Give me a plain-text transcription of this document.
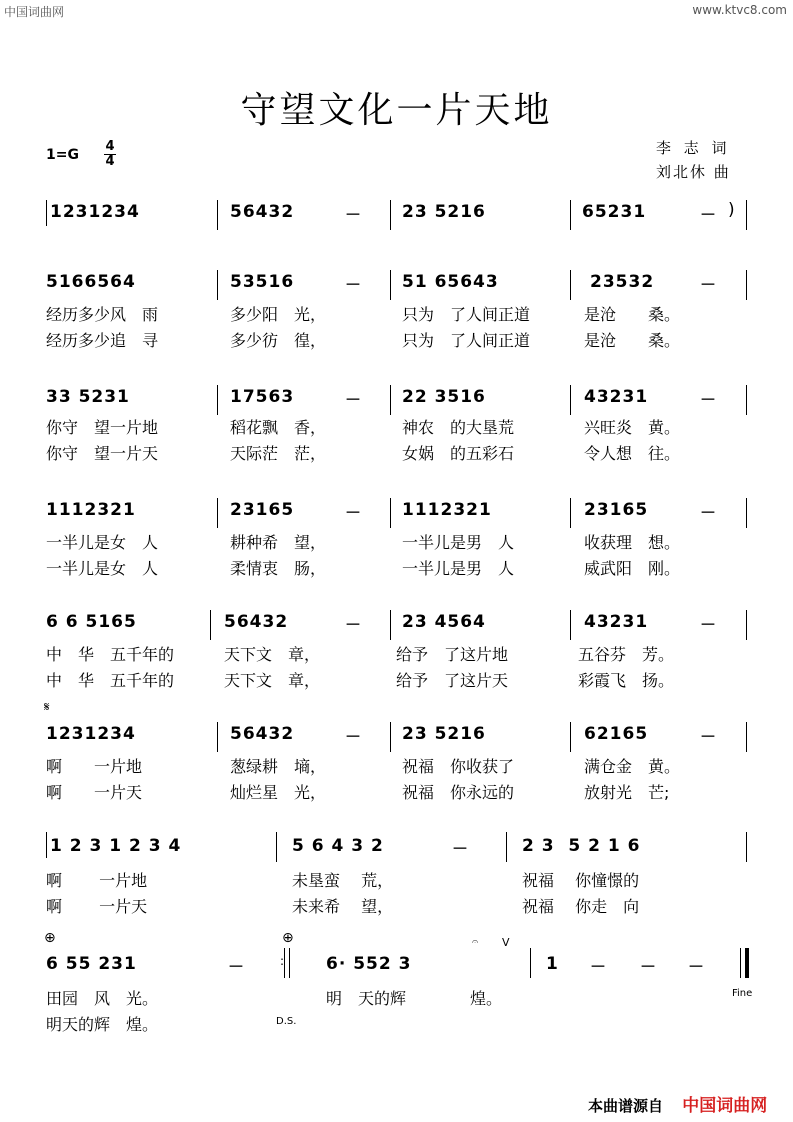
中国词曲网	www.ktvc8.com
守望文化一片天地
1=G
4
4
李 志 词
刘北休 曲
1231234	56432	－ 23 5216	65231	－ )
5166564	53516	－ 51 65643	23532	－
经历多少风　雨	多少阳　光，	只为　了人间正道	是沧　　桑。
经历多少追　寻	多少彷　徨，	只为　了人间正道	是沧　　桑。
33 5231	17563	－ 22 3516	43231	－
你守　望一片地	稻花飘　香，	神农　的大垦荒	兴旺炎　黄。
你守　望一片天	天际茫　茫，	女娲　的五彩石	令人想　往。
1112321	23165	－ 1112321	23165	－
一半儿是女　人	耕种希　望，	一半儿是男　人	收获理　想。
一半儿是女　人	柔情衷　肠，	一半儿是男　人	威武阳　刚。
6 6 5165	56432	－ 23 4564	43231	－
中　华　五千年的	天下文　章，	给予　了这片地	五谷芬　芳。
中　华　五千年的	天下文　章，	给予　了这片天	彩霞飞　扬。
𝄋
1231234	56432	－ 23 5216	62165	－
啊　　一片地	葱绿耕　墒，	祝福　你收获了	满仓金　黄。
啊　　一片天	灿烂星　光，	祝福　你永远的	放射光　芒;
1 2 3 1 2 3 4	5 6 4 3 2	－	2 3  5 2 1 6
啊　　 一片地	未垦蛮　 荒，	祝福　 你憧憬的
啊　　 一片天	未来希　 望，	祝福　 你走　向
⊕	⊕	𝄐 V
6 55 231	－	: 6· 552 3	1 － － －
田园　风　光。	明　天的辉　　　　煌。	Fine
明天的辉　煌。	D.S.
本曲谱源自 中国词曲网
